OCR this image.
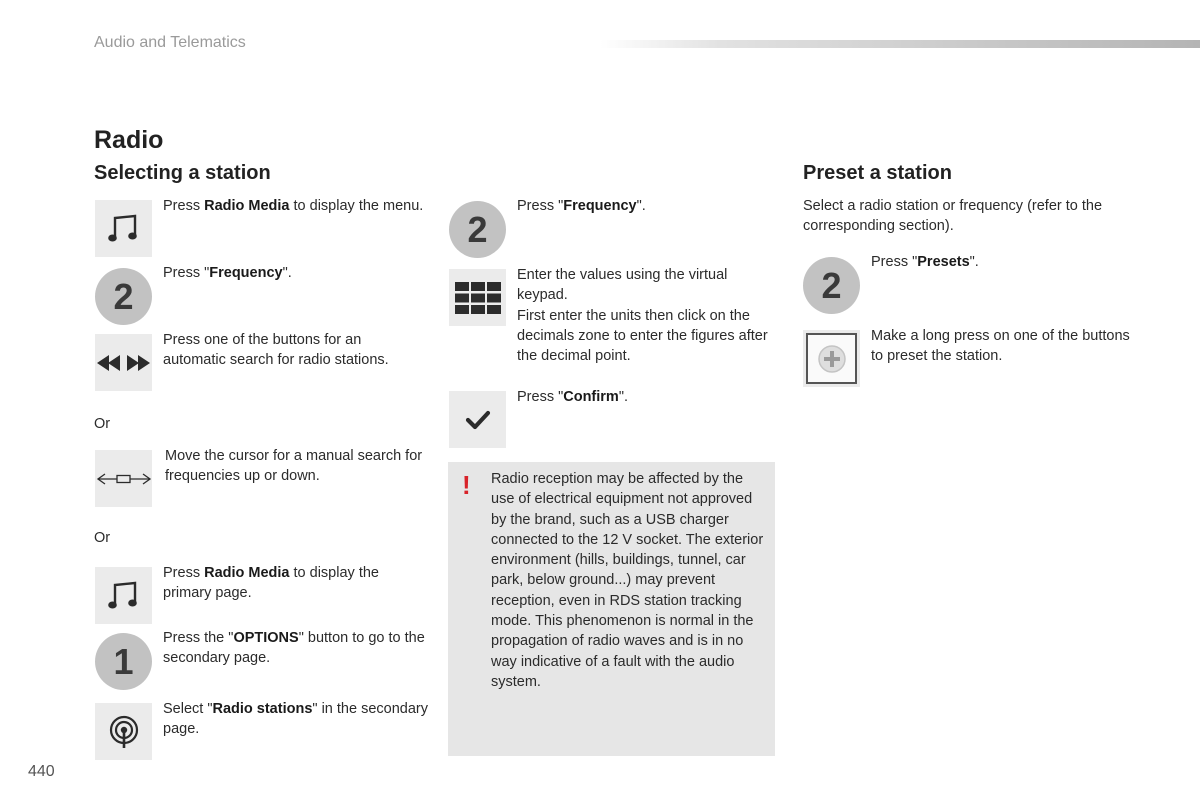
Audio and Telematics
Radio
Selecting a station
Press Radio Media to display the menu.
2
Press "Frequency".
Press one of the buttons for an automatic search for radio stations.
Or
Move the cursor for a manual search for frequencies up or down.
Or
Press Radio Media to display the primary page.
1
Press the "OPTIONS" button to go to the secondary page.
Select "Radio stations" in the secondary page.
2
Press "Frequency".
Enter the values using the virtual keypad.
First enter the units then click on the decimals zone to enter the figures after the decimal point.
Press "Confirm".
! Radio reception may be affected by the use of electrical equipment not approved by the brand, such as a USB charger connected to the 12 V socket. The exterior environment (hills, buildings, tunnel, car park, below ground...) may prevent reception, even in RDS station tracking mode. This phenomenon is normal in the propagation of radio waves and is in no way indicative of a fault with the audio system.
Preset a station
Select a radio station or frequency (refer to the corresponding section).
2
Press "Presets".
Make a long press on one of the buttons to preset the station.
440
